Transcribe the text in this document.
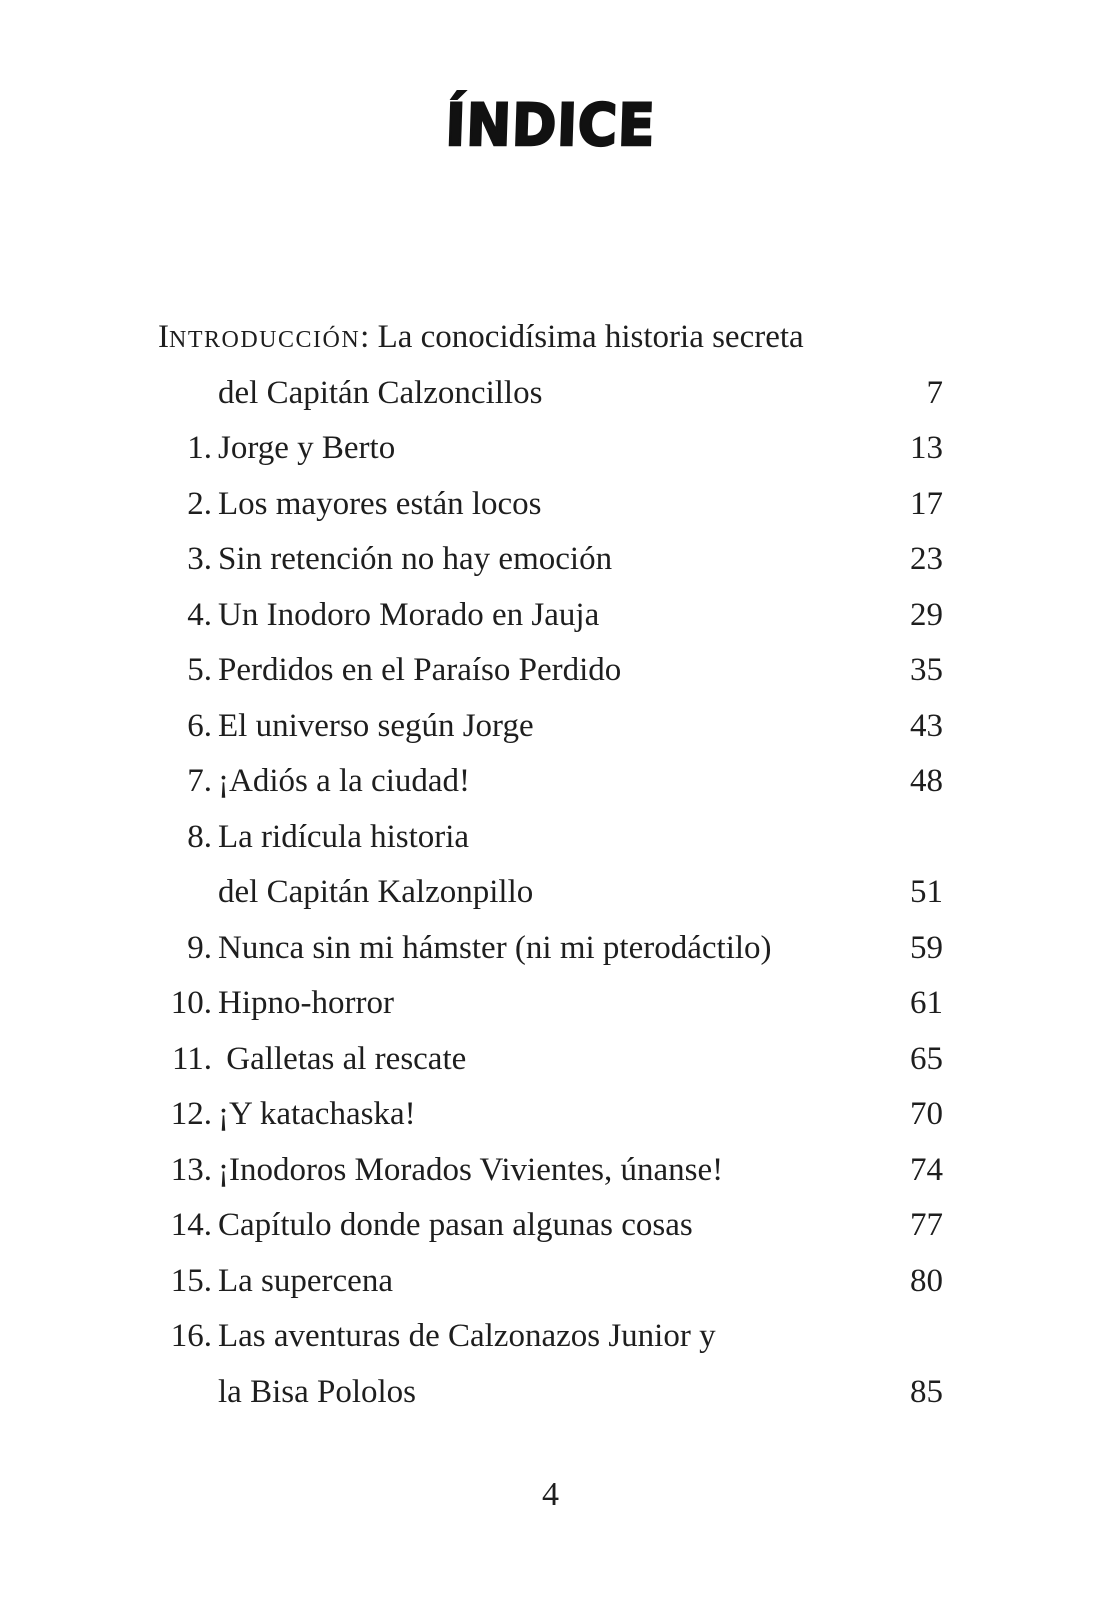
ÍNDICE
INTRODUCCIÓN: La conocidísima historia secreta
del Capitán Calzoncillos	7
1. Jorge y Berto	13
2. Los mayores están locos	17
3. Sin retención no hay emoción	23
4. Un Inodoro Morado en Jauja	29
5. Perdidos en el Paraíso Perdido	35
6. El universo según Jorge	43
7. ¡Adiós a la ciudad!	48
8. La ridícula historia
del Capitán Kalzonpillo	51
9. Nunca sin mi hámster (ni mi pterodáctilo)	59
10. Hipno-horror	61
11. Galletas al rescate	65
12. ¡Y katachaska!	70
13. ¡Inodoros Morados Vivientes, únanse!	74
14. Capítulo donde pasan algunas cosas	77
15. La supercena	80
16. Las aventuras de Calzonazos Junior y
la Bisa Pololos	85
4
